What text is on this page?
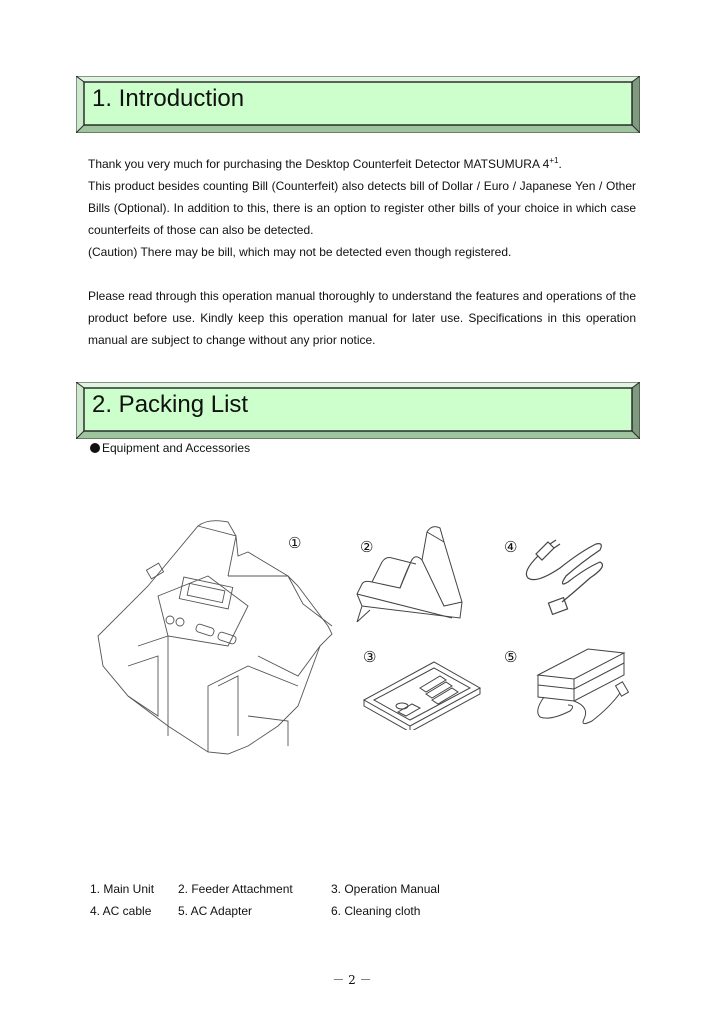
1. Introduction

Thank you very much for purchasing the Desktop Counterfeit Detector MATSUMURA $4^{+1}$.

This product besides counting Bill (Counterfeit) also detects bill of Dollar / Euro / Japanese Yen / Other Bills (Optional). In addition to this, there is an option to register other bills of your choice in which case counterfeits of those can also be detected.

(Caution) There may be bill, which may not be detected even though registered.

Please read through this operation manual thoroughly to understand the features and operations of the product before use. Kindly keep this operation manual for later use. Specifications in this operation manual are subject to change without any prior notice.
2. Packing List
Equipment and Accessories
①	②
③
④
⑤
1. Main Unit 2. Feeder Attachment	3. Operation Manual
4. AC cable 5. AC Adapter	6. Cleaning cloth
－ 2 －
